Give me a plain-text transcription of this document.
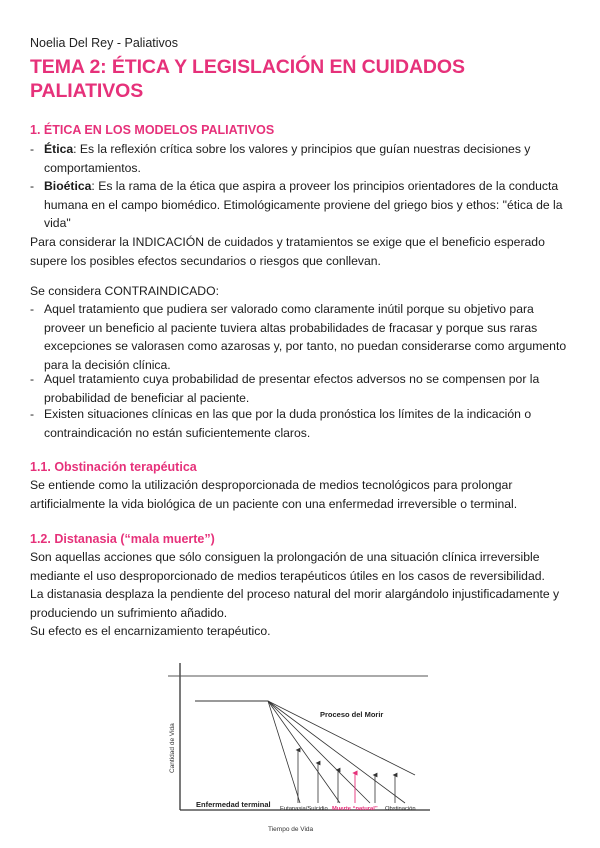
Noelia Del Rey - Paliativos
TEMA 2: ÉTICA Y LEGISLACIÓN EN CUIDADOS PALIATIVOS
1. ÉTICA EN LOS MODELOS PALIATIVOS
- Ética: Es la reflexión crítica sobre los valores y principios que guían nuestras decisiones y comportamientos.
- Bioética: Es la rama de la ética que aspira a proveer los principios orientadores de la conducta humana en el campo biomédico. Etimológicamente proviene del griego bios y ethos: "ética de la vida"
Para considerar la INDICACIÓN de cuidados y tratamientos se exige que el beneficio esperado supere los posibles efectos secundarios o riesgos que conllevan.
Se considera CONTRAINDICADO:
- Aquel tratamiento que pudiera ser valorado como claramente inútil porque su objetivo para proveer un beneficio al paciente tuviera altas probabilidades de fracasar y porque sus raras excepciones se valorasen como azarosas y, por tanto, no puedan considerarse como argumento para la decisión clínica.
- Aquel tratamiento cuya probabilidad de presentar efectos adversos no se compensen por la probabilidad de beneficiar al paciente.
- Existen situaciones clínicas en las que por la duda pronóstica los límites de la indicación o contraindicación no están suficientemente claros.
1.1. Obstinación terapéutica
Se entiende como la utilización desproporcionada de medios tecnológicos para prolongar artificialmente la vida biológica de un paciente con una enfermedad irreversible o terminal.
1.2. Distanasia (“mala muerte”)
Son aquellas acciones que sólo consiguen la prolongación de una situación clínica irreversible mediante el uso desproporcionado de medios terapéuticos útiles en los casos de reversibilidad.
La distanasia desplaza la pendiente del proceso natural del morir alargándolo injustificadamente y produciendo un sufrimiento añadido.
Su efecto es el encarnizamiento terapéutico.
Cantidad de Vida
Proceso del Morir
Enfermedad terminal Eutanasia/Suicidio Muerte “natural” Obstinación
Tiempo de Vida
